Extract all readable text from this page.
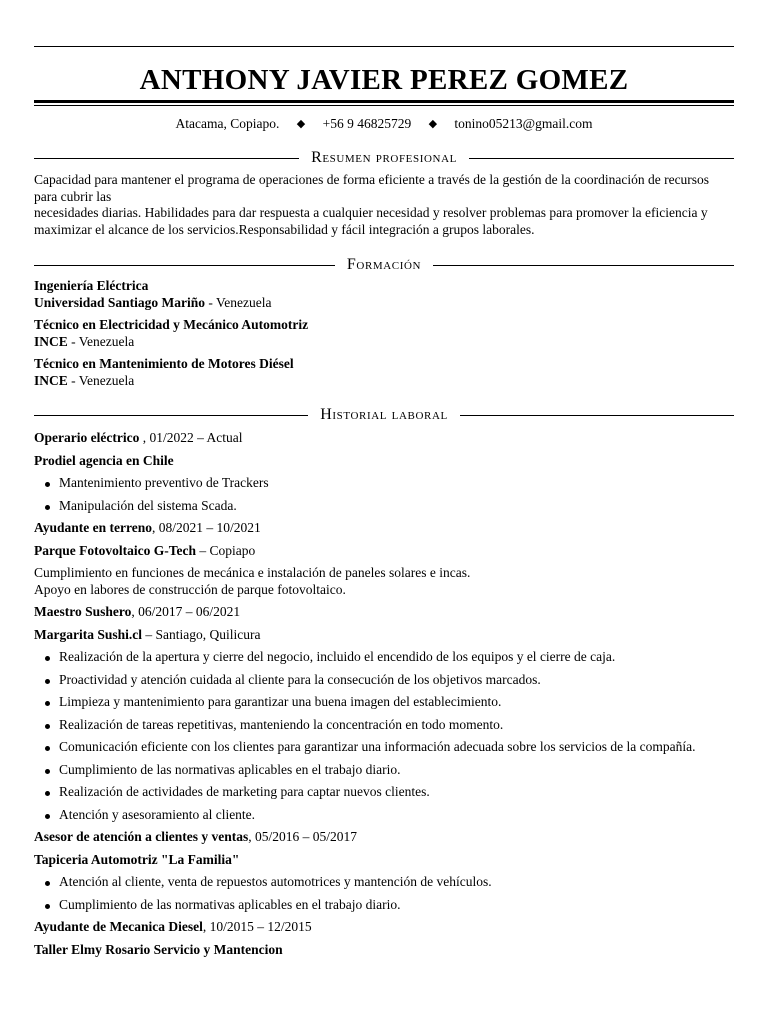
ANTHONY JAVIER PEREZ GOMEZ
Atacama, Copiapo. ◆ +56 9 46825729 ◆ tonino05213@gmail.com
Resumen profesional

Capacidad para mantener el programa de operaciones de forma eficiente a través de la gestión de la coordinación de recursos para cubrir las

necesidades diarias. Habilidades para dar respuesta a cualquier necesidad y resolver problemas para promover la eficiencia y maximizar el alcance de los servicios.Responsabilidad y fácil integración a grupos laborales.

Formación

Ingeniería Eléctrica

Universidad Santiago Mariño - Venezuela

Técnico en Electricidad y Mecánico Automotriz

INCE - Venezuela

Técnico en Mantenimiento de Motores Diésel

INCE - Venezuela

Historial laboral

Operario eléctrico , 01/2022 – Actual

Prodiel agencia en Chile

Mantenimiento preventivo de Trackers
Manipulación del sistema Scada.

Ayudante en terreno, 08/2021 – 10/2021

Parque Fotovoltaico G-Tech – Copiapo

Cumplimiento en funciones de mecánica e instalación de paneles solares e incas.

Apoyo en labores de construcción de parque fotovoltaico.

Maestro Sushero, 06/2017 – 06/2021

Margarita Sushi.cl – Santiago, Quilicura

Realización de la apertura y cierre del negocio, incluido el encendido de los equipos y el cierre de caja.
Proactividad y atención cuidada al cliente para la consecución de los objetivos marcados.
Limpieza y mantenimiento para garantizar una buena imagen del establecimiento.
Realización de tareas repetitivas, manteniendo la concentración en todo momento.
Comunicación eficiente con los clientes para garantizar una información adecuada sobre los servicios de la compañía.
Cumplimiento de las normativas aplicables en el trabajo diario.
Realización de actividades de marketing para captar nuevos clientes.
Atención y asesoramiento al cliente.

Asesor de atención a clientes y ventas, 05/2016 – 05/2017

Tapiceria Automotriz "La Familia"

Atención al cliente, venta de repuestos automotrices y mantención de vehículos.
Cumplimiento de las normativas aplicables en el trabajo diario.

Ayudante de Mecanica Diesel, 10/2015 – 12/2015

Taller Elmy Rosario Servicio y Mantencion
